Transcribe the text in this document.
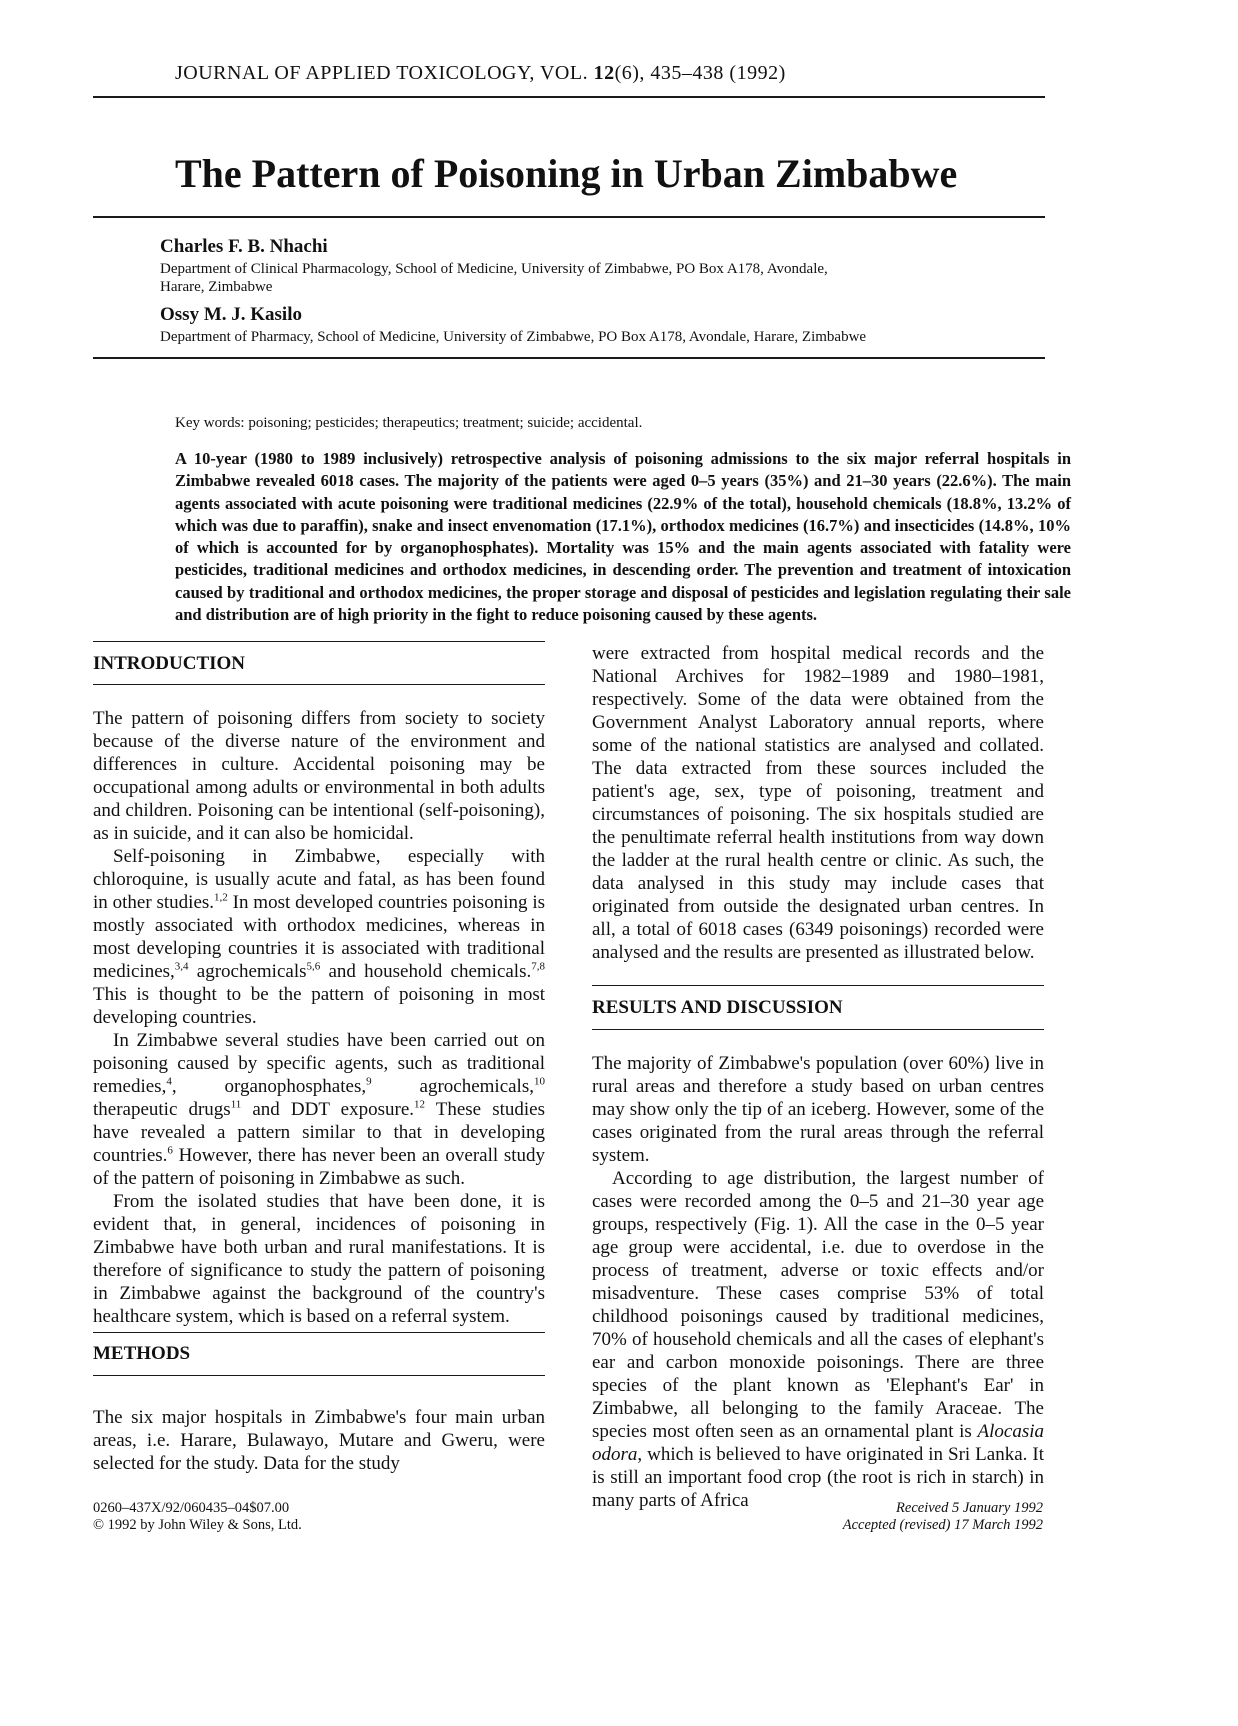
JOURNAL OF APPLIED TOXICOLOGY, VOL. 12(6), 435–438 (1992)
The Pattern of Poisoning in Urban Zimbabwe
Charles F. B. Nhachi
Department of Clinical Pharmacology, School of Medicine, University of Zimbabwe, PO Box A178, Avondale,
Harare, Zimbabwe
Ossy M. J. Kasilo
Department of Pharmacy, School of Medicine, University of Zimbabwe, PO Box A178, Avondale, Harare, Zimbabwe
Key words: poisoning; pesticides; therapeutics; treatment; suicide; accidental.
A 10-year (1980 to 1989 inclusively) retrospective analysis of poisoning admissions to the six major referral hospitals in Zimbabwe revealed 6018 cases. The majority of the patients were aged 0–5 years (35%) and 21–30 years (22.6%). The main agents associated with acute poisoning were traditional medicines (22.9% of the total), household chemicals (18.8%, 13.2% of which was due to paraffin), snake and insect envenomation (17.1%), orthodox medicines (16.7%) and insecticides (14.8%, 10% of which is accounted for by organophosphates). Mortality was 15% and the main agents associated with fatality were pesticides, traditional medicines and orthodox medicines, in descending order. The prevention and treatment of intoxication caused by traditional and orthodox medicines, the proper storage and disposal of pesticides and legislation regulating their sale and distribution are of high priority in the fight to reduce poisoning caused by these agents.
INTRODUCTION

The pattern of poisoning differs from society to society because of the diverse nature of the environment and differences in culture. Accidental poisoning may be occupational among adults or environmental in both adults and children. Poisoning can be intentional (self-poisoning), as in suicide, and it can also be homicidal.

Self-poisoning in Zimbabwe, especially with chloroquine, is usually acute and fatal, as has been found in other studies.$^{1,2}$ In most developed countries poisoning is mostly associated with orthodox medicines, whereas in most developing countries it is associated with traditional medicines,$^{3,4}$ agrochemicals$^{5,6}$ and household chemicals.$^{7,8}$ This is thought to be the pattern of poisoning in most developing countries.

In Zimbabwe several studies have been carried out on poisoning caused by specific agents, such as traditional remedies,$^4$, organophosphates,$^9$ agrochemicals,$^{10}$ therapeutic drugs$^{11}$ and DDT exposure.$^{12}$ These studies have revealed a pattern similar to that in developing countries.$^6$ However, there has never been an overall study of the pattern of poisoning in Zimbabwe as such.

From the isolated studies that have been done, it is evident that, in general, incidences of poisoning in Zimbabwe have both urban and rural manifestations. It is therefore of significance to study the pattern of poisoning in Zimbabwe against the background of the country's healthcare system, which is based on a referral system.

METHODS

The six major hospitals in Zimbabwe's four main urban areas, i.e. Harare, Bulawayo, Mutare and Gweru, were selected for the study. Data for the study

were extracted from hospital medical records and the National Archives for 1982–1989 and 1980–1981, respectively. Some of the data were obtained from the Government Analyst Laboratory annual reports, where some of the national statistics are analysed and collated. The data extracted from these sources included the patient's age, sex, type of poisoning, treatment and circumstances of poisoning. The six hospitals studied are the penultimate referral health institutions from way down the ladder at the rural health centre or clinic. As such, the data analysed in this study may include cases that originated from outside the designated urban centres. In all, a total of 6018 cases (6349 poisonings) recorded were analysed and the results are presented as illustrated below.

RESULTS AND DISCUSSION

The majority of Zimbabwe's population (over 60%) live in rural areas and therefore a study based on urban centres may show only the tip of an iceberg. However, some of the cases originated from the rural areas through the referral system.

According to age distribution, the largest number of cases were recorded among the 0–5 and 21–30 year age groups, respectively (Fig. 1). All the case in the 0–5 year age group were accidental, i.e. due to overdose in the process of treatment, adverse or toxic effects and/or misadventure. These cases comprise 53% of total childhood poisonings caused by traditional medicines, 70% of household chemicals and all the cases of elephant's ear and carbon monoxide poisonings. There are three species of the plant known as 'Elephant's Ear' in Zimbabwe, all belonging to the family Araceae. The species most often seen as an ornamental plant is Alocasia odora, which is believed to have originated in Sri Lanka. It is still an important food crop (the root is rich in starch) in many parts of Africa

0260–437X/92/060435–04$07.00
© 1992 by John Wiley & Sons, Ltd.
Received 5 January 1992
Accepted (revised) 17 March 1992
